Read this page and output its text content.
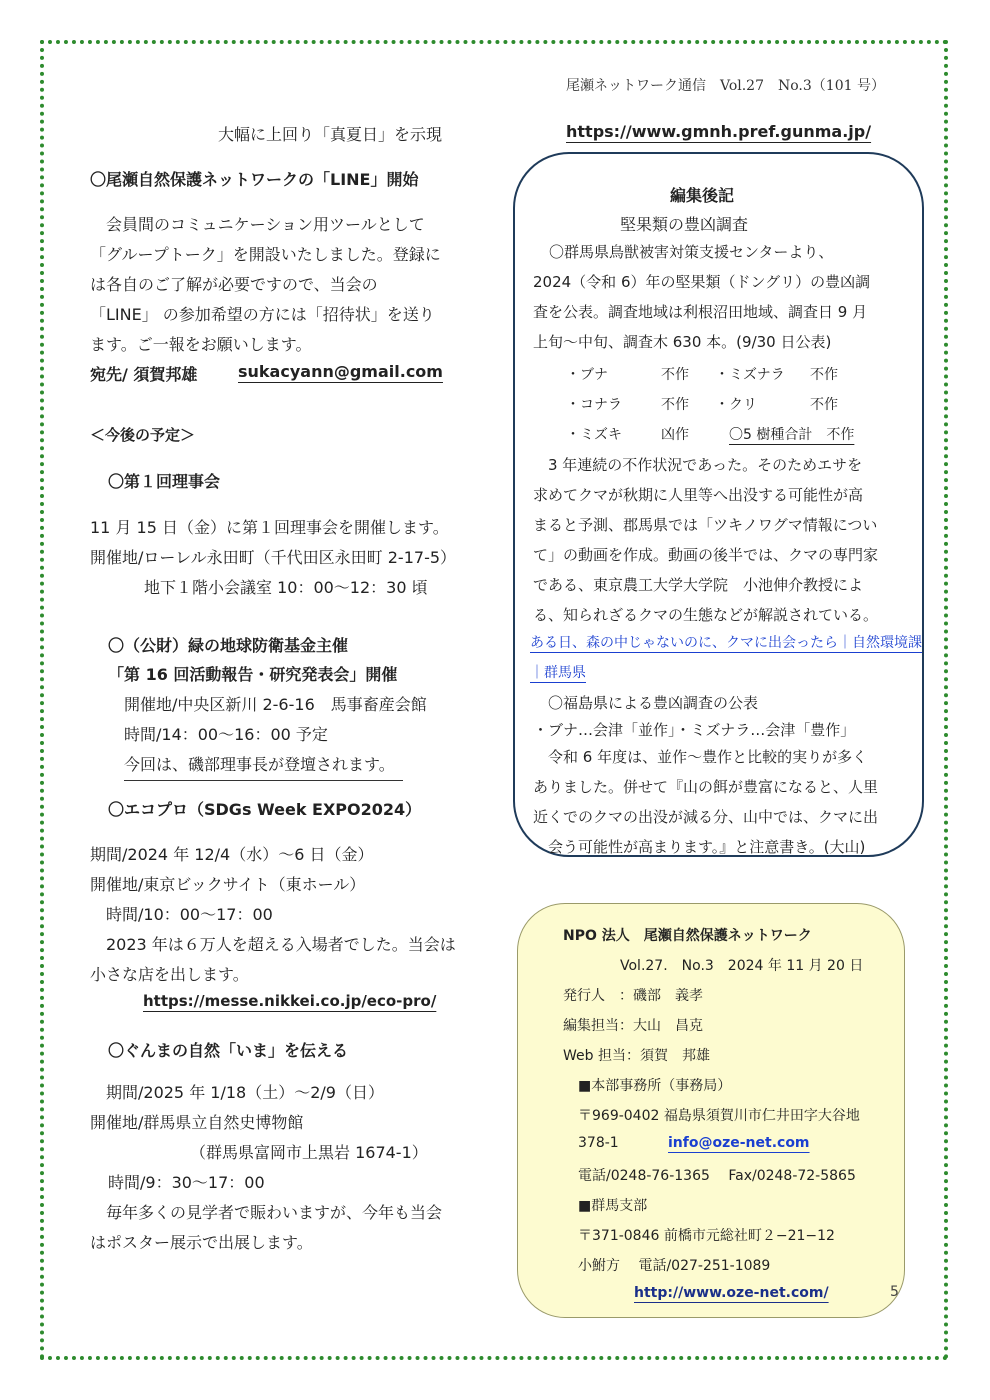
尾瀬ネットワーク通信　Vol.27　No.3（101 号）
大幅に上回り「真夏日」を示現	https://www.gmnh.pref.gunma.jp/
〇尾瀬自然保護ネットワークの「LINE」開始
　会員間のコミュニケーション用ツールとして
「グループトーク」を開設いたしました。登録に
は各自のご了解が必要ですので、当会の
「LINE」 の参加希望の方には「招待状」を送り
ます。ご一報をお願いします。
宛先/ 須賀邦雄	sukacyann@gmail.com
＜今後の予定＞
〇第１回理事会
11 月 15 日（金）に第１回理事会を開催します。
開催地/ローレル永田町（千代田区永田町 2-17-5）
地下１階小会議室 10：00〜12：30 頃
〇（公財）緑の地球防衛基金主催
「第 16 回活動報告・研究発表会」開催
開催地/中央区新川 2-6-16　馬事畜産会館
時間/14：00〜16：00 予定
今回は、磯部理事長が登壇されます。
〇エコプロ（SDGs Week EXPO2024）
期間/2024 年 12/4（水）〜6 日（金）
開催地/東京ビックサイト（東ホール）
　時間/10：00〜17：00
　2023 年は６万人を超える入場者でした。当会は
小さな店を出します。
https://messe.nikkei.co.jp/eco-pro/
〇ぐんまの自然「いま」を伝える
　期間/2025 年 1/18（土）〜2/9（日）
開催地/群馬県立自然史博物館
（群馬県富岡市上黒岩 1674-1）
時間/9：30〜17：00
　毎年多くの見学者で賑わいますが、今年も当会
はポスター展示で出展します。
編集後記
堅果類の豊凶調査
〇群馬県鳥獣被害対策支援センターより、
2024（令和 6）年の堅果類（ドングリ）の豊凶調
査を公表。調査地域は利根沼田地域、調査日 9 月
上旬〜中旬、調査木 630 本。(9/30 日公表)
・ブナ	不作 ・ミズナラ 不作
・コナラ	不作 ・クリ	不作
・ミズキ	凶作	〇5 樹種合計　不作
　3 年連続の不作状況であった。そのためエサを
求めてクマが秋期に人里等へ出没する可能性が高
まると予測、郡馬県では「ツキノワグマ情報につい
て」の動画を作成。動画の後半では、クマの専門家
である、東京農工大学大学院　小池伸介教授によ
る、知られざるクマの生態などが解説されている。
ある日、森の中じゃないのに、クマに出会ったら｜自然環境課
｜群馬県
〇福島県による豊凶調査の公表
・ブナ…会津「並作」・ミズナラ…会津「豊作」
　令和 6 年度は、並作〜豊作と比較的実りが多く
ありました。併せて『山の餌が豊富になると、人里
近くでのクマの出没が減る分、山中では、クマに出
　会う可能性が高まります。』と注意書き。(大山)
NPO 法人　尾瀬自然保護ネットワーク
Vol.27.　No.3　2024 年 11 月 20 日
発行人　：磯部　義孝
編集担当：大山　昌克
Web 担当：須賀　邦雄
■本部事務所（事務局）
〒969-0402 福島県須賀川市仁井田字大谷地
378-1	info@oze-net.com
電話/0248-76-1365　 Fax/0248-72-5865
■群馬支部
〒371-0846 前橋市元総社町２−21−12
小鮒方　 電話/027-251-1089
http://www.oze-net.com/	5
